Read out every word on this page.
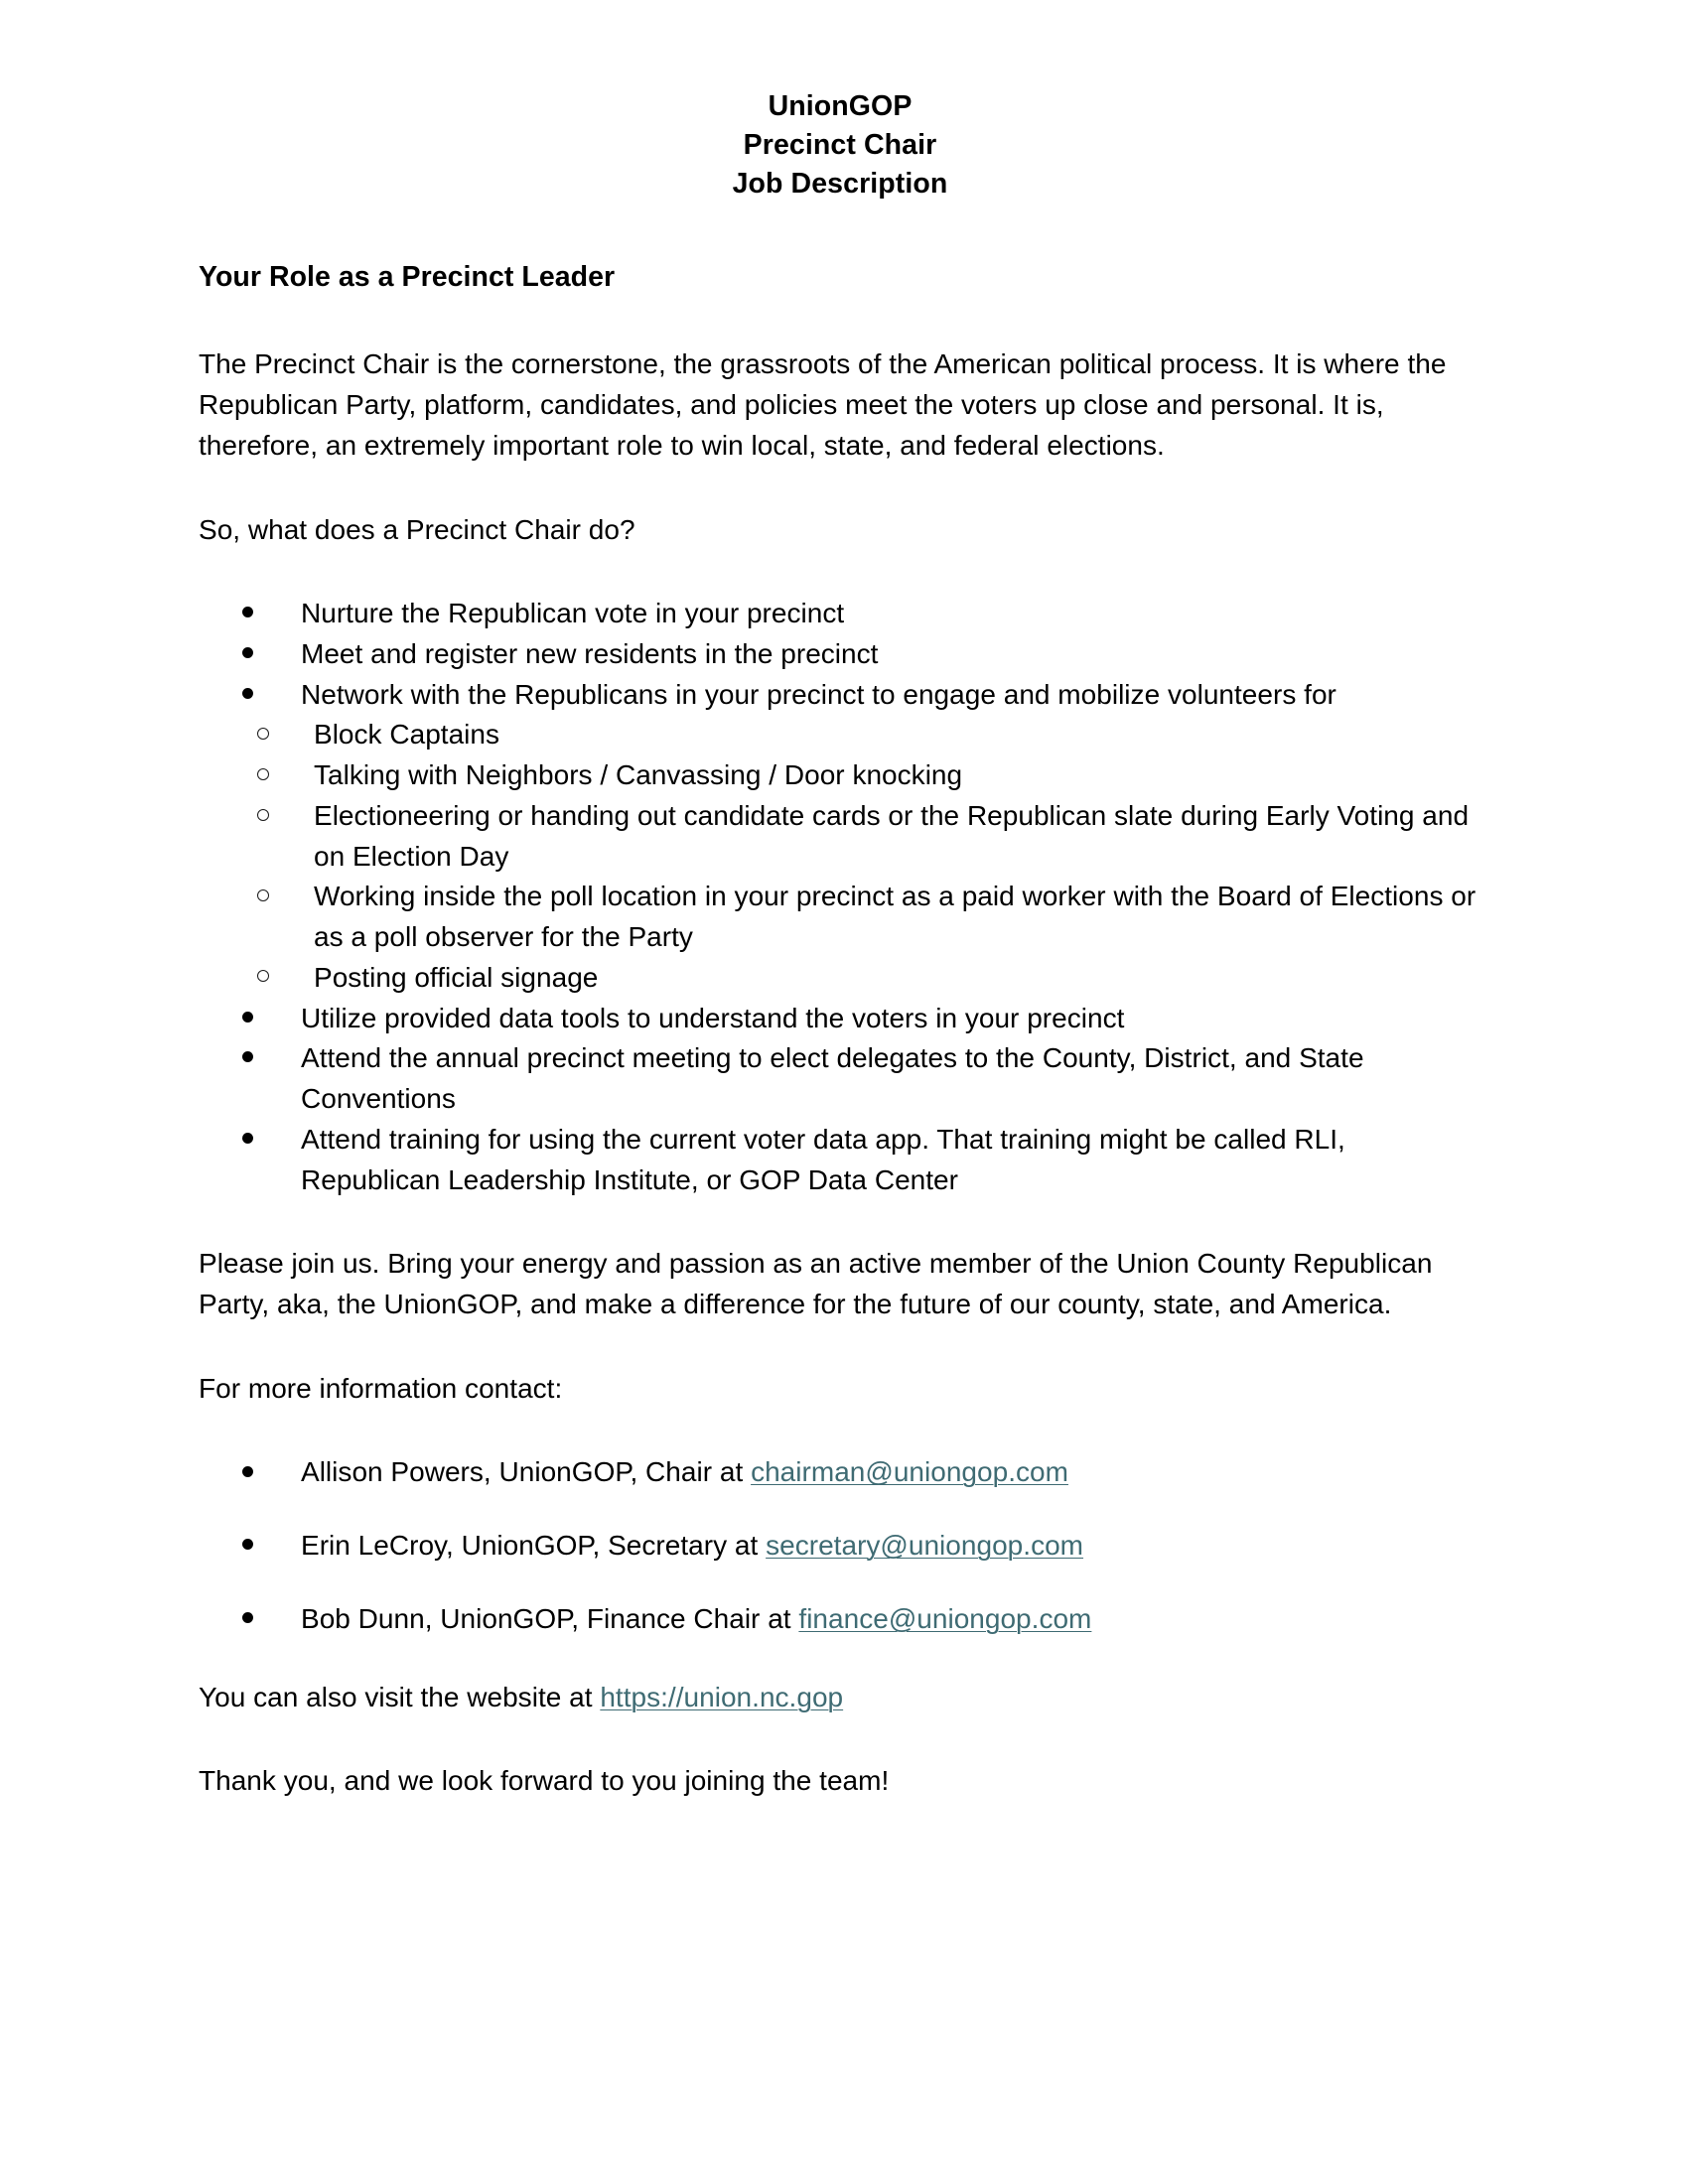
UnionGOP
Precinct Chair
Job Description
Your Role as a Precinct Leader

The Precinct Chair is the cornerstone, the grassroots of the American political process. It is where the Republican Party, platform, candidates, and policies meet the voters up close and personal. It is, therefore, an extremely important role to win local, state, and federal elections.

So, what does a Precinct Chair do?

Nurture the Republican vote in your precinct
Meet and register new residents in the precinct
Network with the Republicans in your precinct to engage and mobilize volunteers for
Block Captains
Talking with Neighbors / Canvassing / Door knocking
Electioneering or handing out candidate cards or the Republican slate during Early Voting and on Election Day
Working inside the poll location in your precinct as a paid worker with the Board of Elections or as a poll observer for the Party
Posting official signage
Utilize provided data tools to understand the voters in your precinct
Attend the annual precinct meeting to elect delegates to the County, District, and State Conventions
Attend training for using the current voter data app. That training might be called RLI, Republican Leadership Institute, or GOP Data Center

Please join us. Bring your energy and passion as an active member of the Union County Republican Party, aka, the UnionGOP, and make a difference for the future of our county, state, and America.

For more information contact:

Allison Powers, UnionGOP, Chair at chairman@uniongop.com
Erin LeCroy, UnionGOP, Secretary at secretary@uniongop.com
Bob Dunn, UnionGOP, Finance Chair at finance@uniongop.com

You can also visit the website at https://union.nc.gop

Thank you, and we look forward to you joining the team!
